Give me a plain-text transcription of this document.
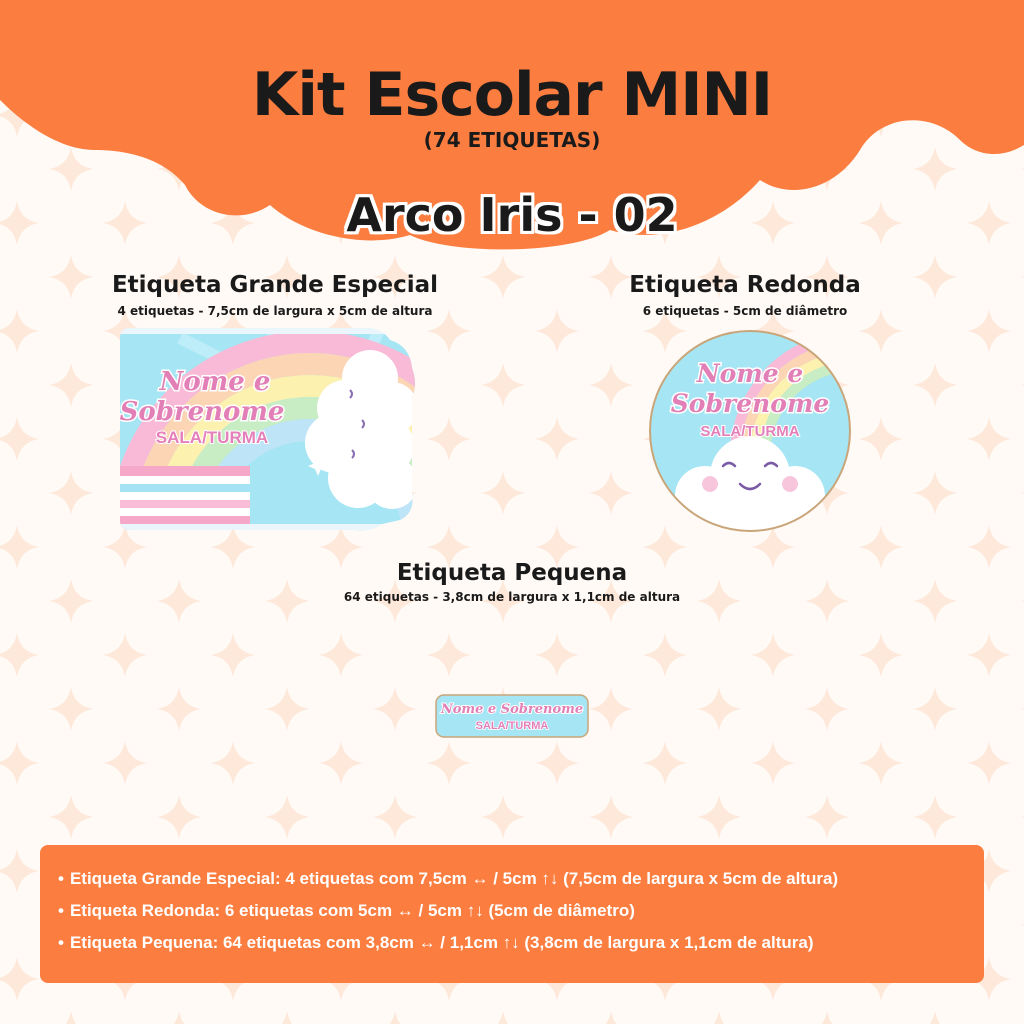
Kit Escolar MINI
(74 ETIQUETAS)
Arco Iris - 02
Etiqueta Grande Especial
4 etiquetas - 7,5cm de largura x 5cm de altura
Nome e
Sobrenome
SALA/TURMA
Etiqueta Redonda
6 etiquetas - 5cm de diâmetro
Nome e
Sobrenome
SALA/TURMA
Etiqueta Pequena
64 etiquetas - 3,8cm de largura x 1,1cm de altura
Nome e Sobrenome
SALA/TURMA
• Etiqueta Grande Especial: 4 etiquetas com 7,5cm ↔ / 5cm ↑↓ (7,5cm de largura x 5cm de altura)
• Etiqueta Redonda: 6 etiquetas com 5cm ↔ / 5cm ↑↓ (5cm de diâmetro)
• Etiqueta Pequena: 64 etiquetas com 3,8cm ↔ / 1,1cm ↑↓ (3,8cm de largura x 1,1cm de altura)
